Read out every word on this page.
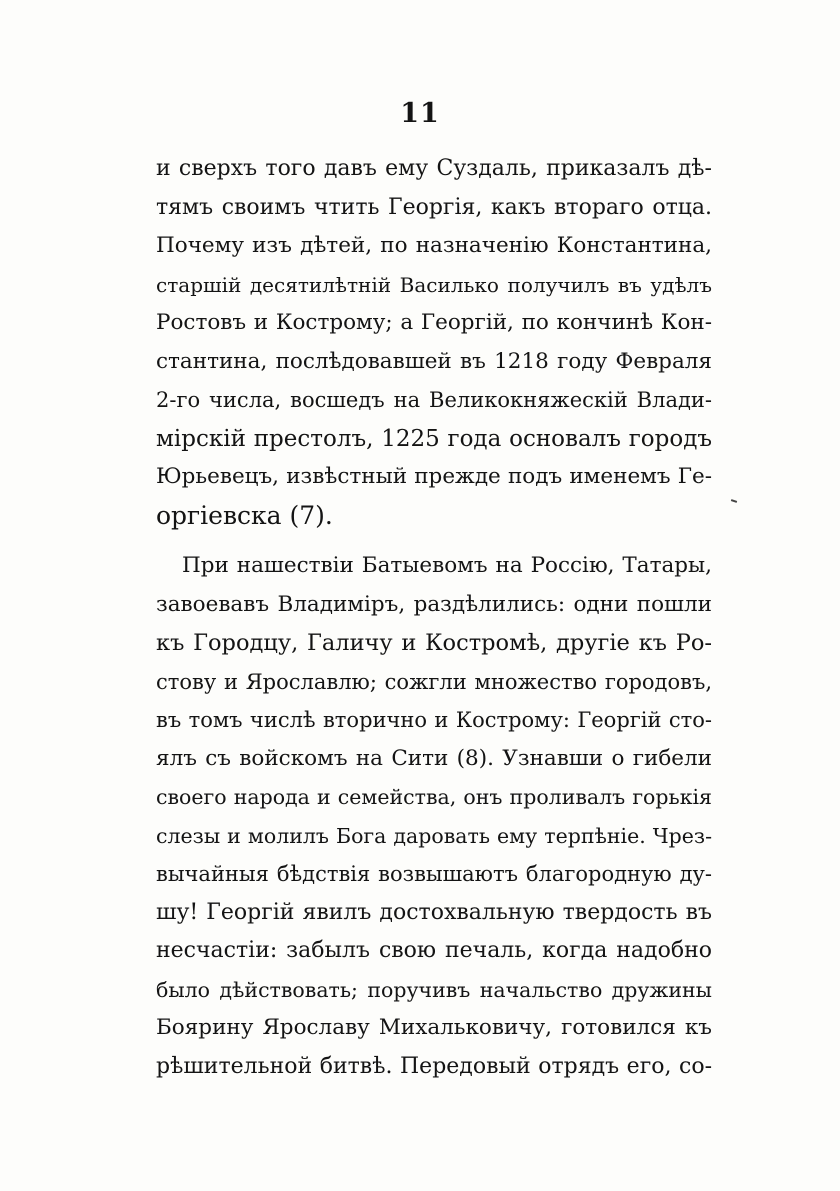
11
и сверхъ того давъ ему Суздаль, приказалъ дѣ-
тямъ своимъ чтить Георгія, какъ втораго отца.
Почему изъ дѣтей, по назначенію Константина,
старшій десятилѣтній Василько получилъ въ удѣлъ
Ростовъ и Кострому; а Георгій, по кончинѣ Кон-
стантина, послѣдовавшей въ 1218 году Февраля
2-го числа, восшедъ на Великокняжескій Влади-
мірскій престолъ, 1225 года основалъ городъ
Юрьевецъ, извѣстный прежде подъ именемъ Ге-
оргіевска (7).
При нашествіи Батыевомъ на Россію, Татары,
завоевавъ Владиміръ, раздѣлились: одни пошли
къ Городцу, Галичу и Костромѣ, другіе къ Ро-
стову и Ярославлю; сожгли множество городовъ,
въ томъ числѣ вторично и Кострому: Георгій сто-
ялъ съ войскомъ на Сити (8). Узнавши о гибели
своего народа и семейства, онъ проливалъ горькія
слезы и молилъ Бога даровать ему терпѣніе. Чрез-
вычайныя бѣдствія возвышаютъ благородную ду-
шу! Георгій явилъ достохвальную твердость въ
несчастіи: забылъ свою печаль, когда надобно
было дѣйствовать; поручивъ начальство дружины
Боярину Ярославу Михальковичу, готовился къ
рѣшительной битвѣ. Передовый отрядъ его, со-
